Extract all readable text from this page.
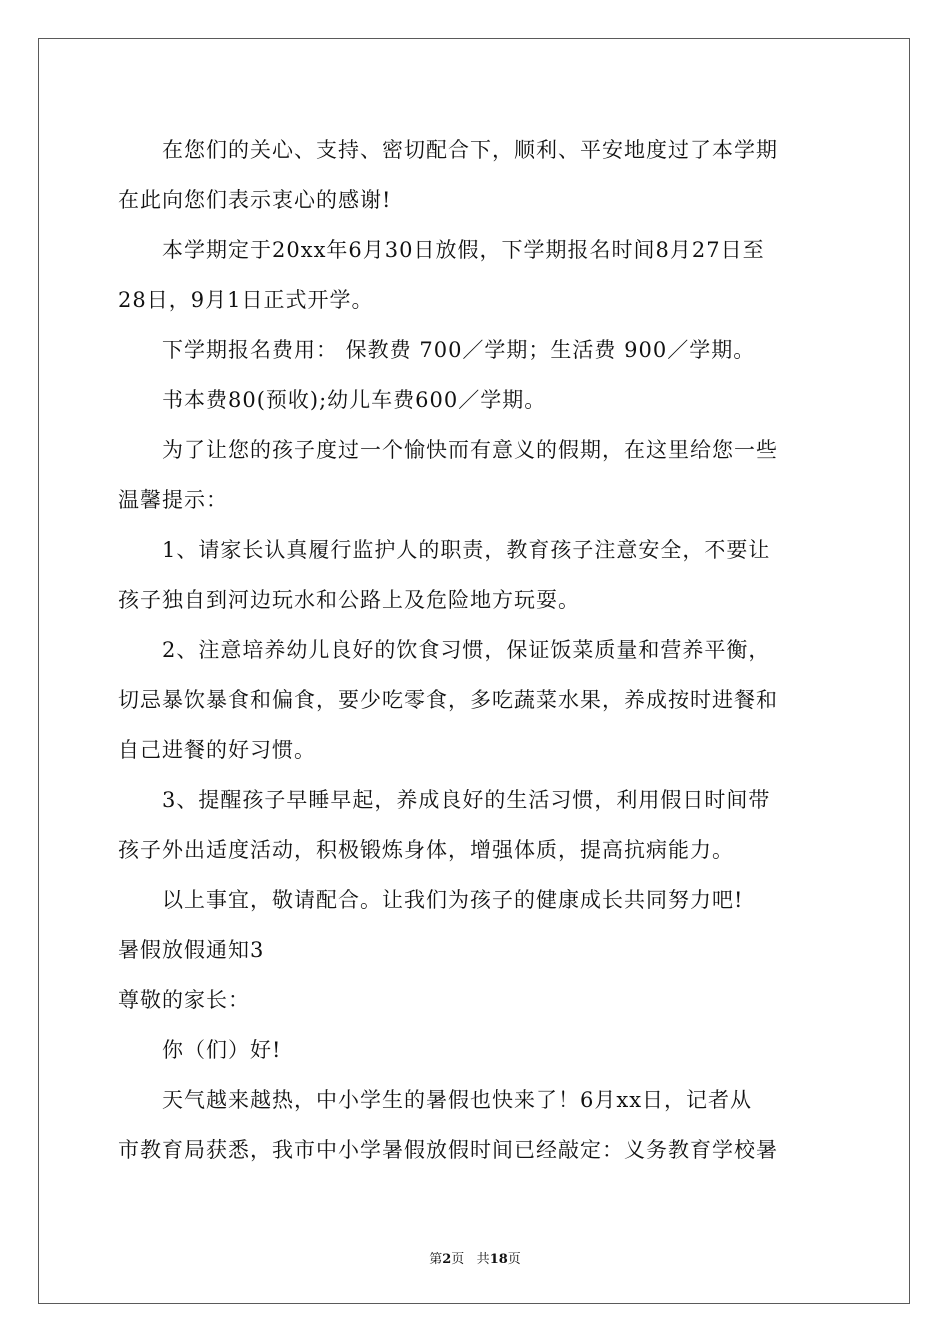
在您们的关心、支持、密切配合下，顺利、平安地度过了本学期
在此向您们表示衷心的感谢!
本学期定于20xx年6月30日放假，下学期报名时间8月27日至
28日，9月1日正式开学。
下学期报名费用： 保教费 700／学期；生活费 900／学期。
书本费80(预收);幼儿车费600／学期。
为了让您的孩子度过一个愉快而有意义的假期，在这里给您一些
温馨提示：
1、请家长认真履行监护人的职责，教育孩子注意安全，不要让
孩子独自到河边玩水和公路上及危险地方玩耍。
2、注意培养幼儿良好的饮食习惯，保证饭菜质量和营养平衡，
切忌暴饮暴食和偏食，要少吃零食，多吃蔬菜水果，养成按时进餐和
自己进餐的好习惯。
3、提醒孩子早睡早起，养成良好的生活习惯，利用假日时间带
孩子外出适度活动，积极锻炼身体，增强体质，提高抗病能力。
以上事宜，敬请配合。让我们为孩子的健康成长共同努力吧!
暑假放假通知3
尊敬的家长：
你（们）好!
天气越来越热，中小学生的暑假也快来了！6月xx日，记者从
市教育局获悉，我市中小学暑假放假时间已经敲定：义务教育学校暑
第2页 共18页
